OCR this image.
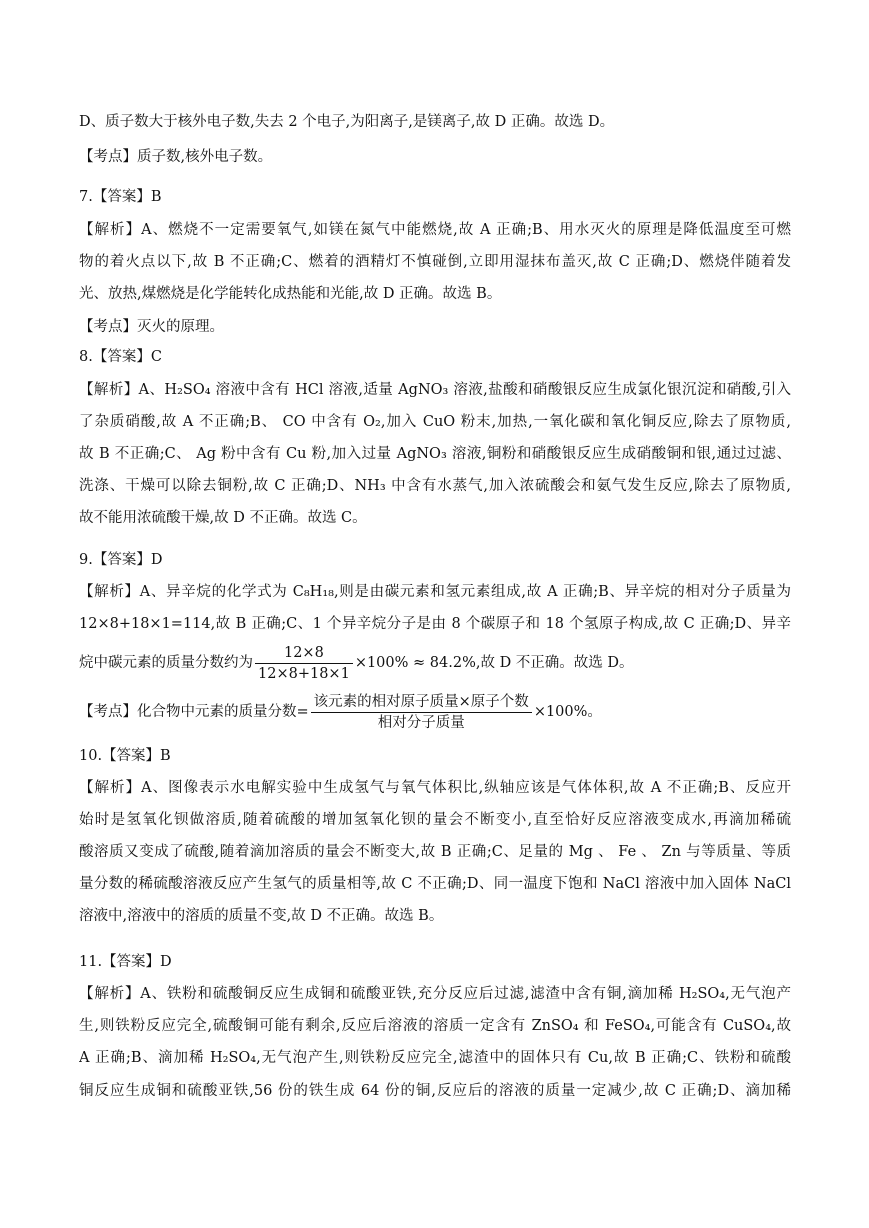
D、质子数大于核外电子数,失去 2 个电子,为阳离子,是镁离子,故 D 正确。故选 D。
【考点】质子数,核外电子数。
7.【答案】B
【解析】A、燃烧不一定需要氧气,如镁在氮气中能燃烧,故 A 正确;B、用水灭火的原理是降低温度至可燃
物的着火点以下,故 B 不正确;C、燃着的酒精灯不慎碰倒,立即用湿抹布盖灭,故 C 正确;D、燃烧伴随着发
光、放热,煤燃烧是化学能转化成热能和光能,故 D 正确。故选 B。
【考点】灭火的原理。
8.【答案】C
【解析】A、H₂SO₄ 溶液中含有 HCl 溶液,适量 AgNO₃ 溶液,盐酸和硝酸银反应生成氯化银沉淀和硝酸,引入
了杂质硝酸,故 A 不正确;B、 CO 中含有 O₂,加入 CuO 粉末,加热,一氧化碳和氧化铜反应,除去了原物质,
故 B 不正确;C、 Ag 粉中含有 Cu 粉,加入过量 AgNO₃ 溶液,铜粉和硝酸银反应生成硝酸铜和银,通过过滤、
洗涤、干燥可以除去铜粉,故 C 正确;D、NH₃ 中含有水蒸气,加入浓硫酸会和氨气发生反应,除去了原物质,
故不能用浓硫酸干燥,故 D 不正确。故选 C。
9.【答案】D
【解析】A、异辛烷的化学式为 C₈H₁₈,则是由碳元素和氢元素组成,故 A 正确;B、异辛烷的相对分子质量为
12×8+18×1=114,故 B 正确;C、1 个异辛烷分子是由 8 个碳原子和 18 个氢原子构成,故 C 正确;D、异辛
烷中碳元素的质量分数约为 $\frac{12\times 8}{12\times 8+18\times 1} \times 100\% \approx 84.2\%$,故 D 不正确。故选 D。
【考点】化合物中元素的质量分数=
该元素的相对原子质量×原子个数
相对分子质量
×100%。
10.【答案】B
【解析】A、图像表示水电解实验中生成氢气与氧气体积比,纵轴应该是气体体积,故 A 不正确;B、反应开
始时是氢氧化钡做溶质,随着硫酸的增加氢氧化钡的量会不断变小,直至恰好反应溶液变成水,再滴加稀硫
酸溶质又变成了硫酸,随着滴加溶质的量会不断变大,故 B 正确;C、足量的 Mg 、 Fe 、 Zn 与等质量、等质
量分数的稀硫酸溶液反应产生氢气的质量相等,故 C 不正确;D、同一温度下饱和 NaCl 溶液中加入固体 NaCl
溶液中,溶液中的溶质的质量不变,故 D 不正确。故选 B。
11.【答案】D
【解析】A、铁粉和硫酸铜反应生成铜和硫酸亚铁,充分反应后过滤,滤渣中含有铜,滴加稀 H₂SO₄,无气泡产
生,则铁粉反应完全,硫酸铜可能有剩余,反应后溶液的溶质一定含有 ZnSO₄ 和 FeSO₄,可能含有 CuSO₄,故
A 正确;B、滴加稀 H₂SO₄,无气泡产生,则铁粉反应完全,滤渣中的固体只有 Cu,故 B 正确;C、铁粉和硫酸
铜反应生成铜和硫酸亚铁,56 份的铁生成 64 份的铜,反应后的溶液的质量一定减少,故 C 正确;D、滴加稀
